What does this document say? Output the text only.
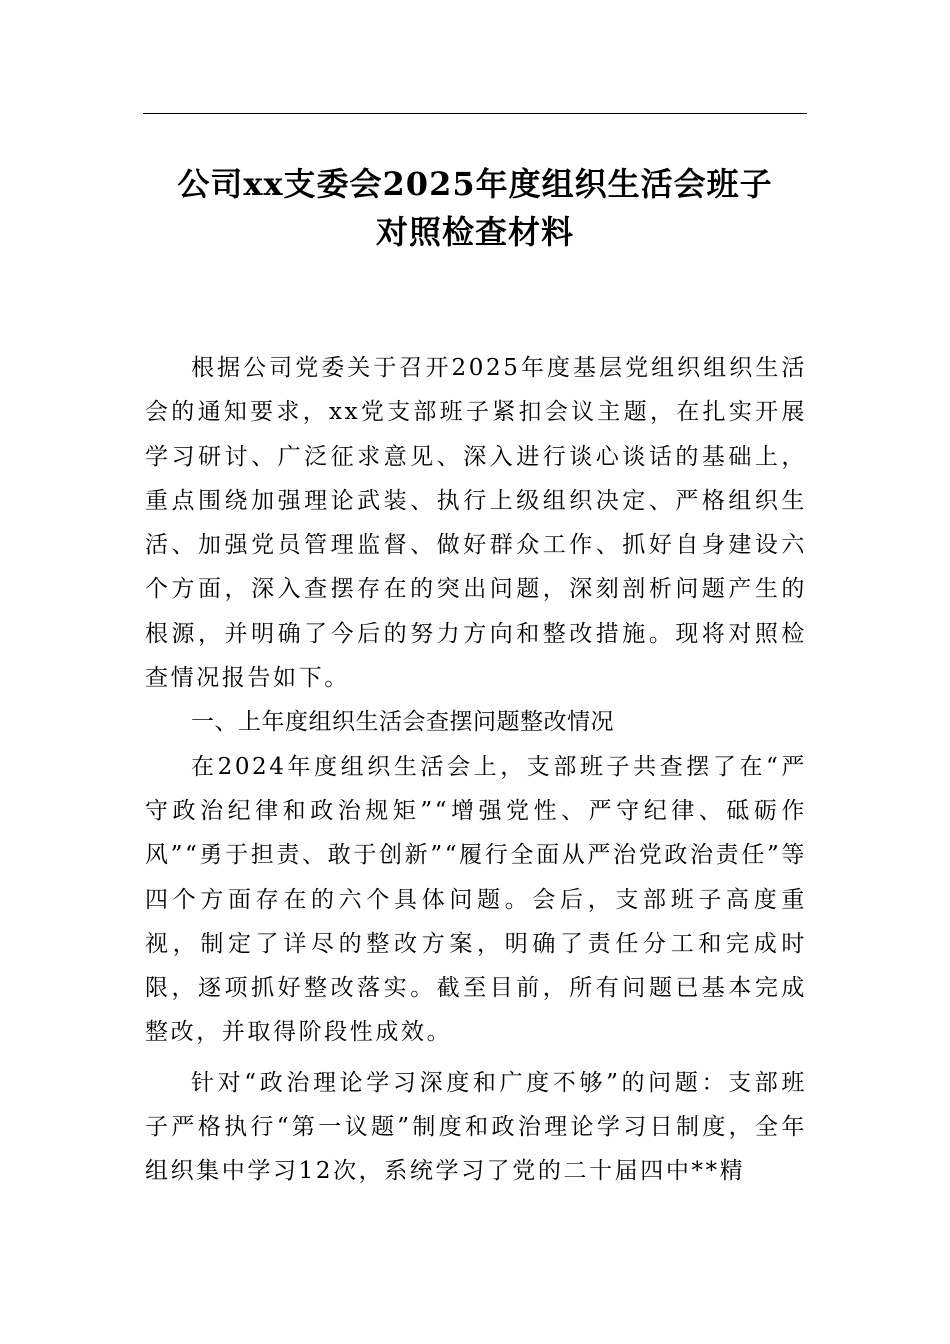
公司xx支委会2025年度组织生活会班子
对照检查材料

根据公司党委关于召开2025年度基层党组织组织生活会的通知要求，xx党支部班子紧扣会议主题，在扎实开展学习研讨、广泛征求意见、深入进行谈心谈话的基础上，重点围绕加强理论武装、执行上级组织决定、严格组织生活、加强党员管理监督、做好群众工作、抓好自身建设六个方面，深入查摆存在的突出问题，深刻剖析问题产生的根源，并明确了今后的努力方向和整改措施。现将对照检查情况报告如下。

一、上年度组织生活会查摆问题整改情况

在2024年度组织生活会上，支部班子共查摆了在“严守政治纪律和政治规矩”“增强党性、严守纪律、砥砺作风”“勇于担责、敢于创新”“履行全面从严治党政治责任”等四个方面存在的六个具体问题。会后，支部班子高度重视，制定了详尽的整改方案，明确了责任分工和完成时限，逐项抓好整改落实。截至目前，所有问题已基本完成整改，并取得阶段性成效。

针对“政治理论学习深度和广度不够”的问题：支部班子严格执行“第一议题”制度和政治理论学习日制度，全年组织集中学习12次，系统学习了党的二十届四中**精
